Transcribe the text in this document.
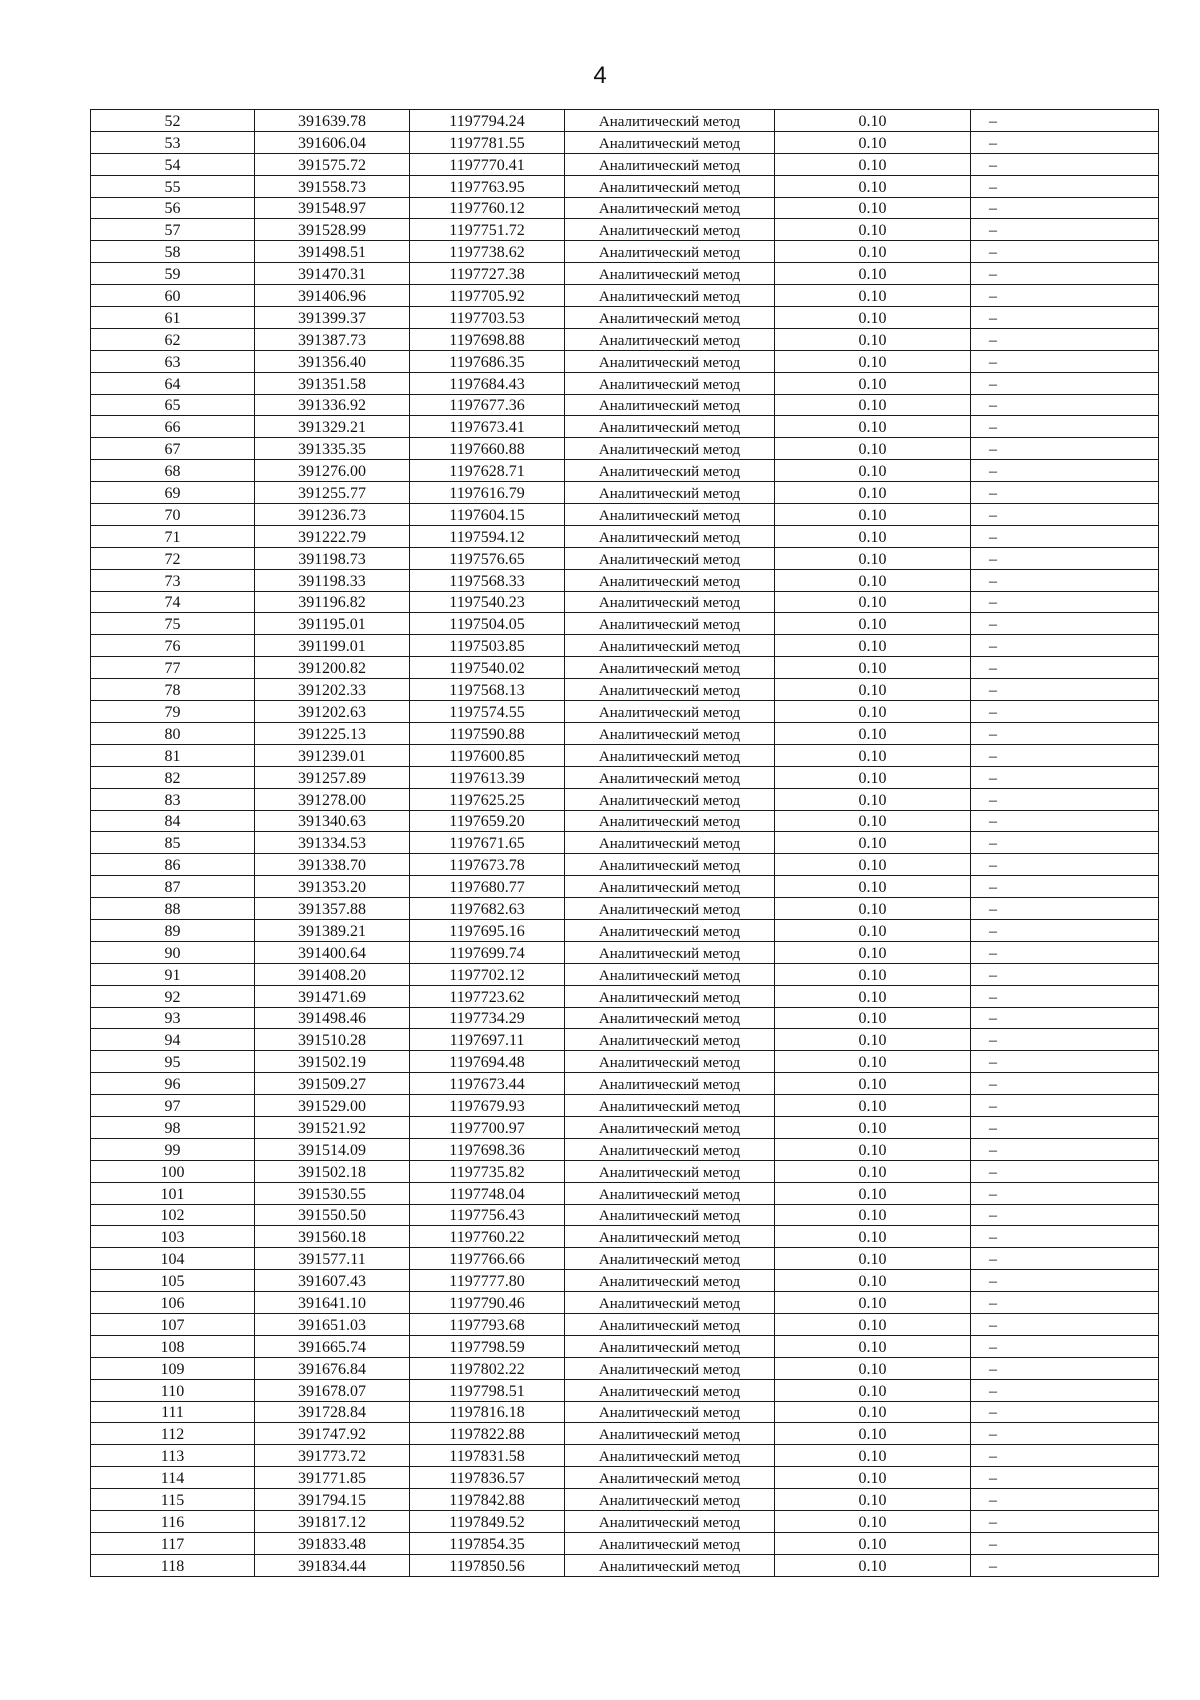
4
52	391639.78	1197794.24	Аналитический метод	0.10	–
53	391606.04	1197781.55	Аналитический метод	0.10	–
54	391575.72	1197770.41	Аналитический метод	0.10	–
55	391558.73	1197763.95	Аналитический метод	0.10	–
56	391548.97	1197760.12	Аналитический метод	0.10	–
57	391528.99	1197751.72	Аналитический метод	0.10	–
58	391498.51	1197738.62	Аналитический метод	0.10	–
59	391470.31	1197727.38	Аналитический метод	0.10	–
60	391406.96	1197705.92	Аналитический метод	0.10	–
61	391399.37	1197703.53	Аналитический метод	0.10	–
62	391387.73	1197698.88	Аналитический метод	0.10	–
63	391356.40	1197686.35	Аналитический метод	0.10	–
64	391351.58	1197684.43	Аналитический метод	0.10	–
65	391336.92	1197677.36	Аналитический метод	0.10	–
66	391329.21	1197673.41	Аналитический метод	0.10	–
67	391335.35	1197660.88	Аналитический метод	0.10	–
68	391276.00	1197628.71	Аналитический метод	0.10	–
69	391255.77	1197616.79	Аналитический метод	0.10	–
70	391236.73	1197604.15	Аналитический метод	0.10	–
71	391222.79	1197594.12	Аналитический метод	0.10	–
72	391198.73	1197576.65	Аналитический метод	0.10	–
73	391198.33	1197568.33	Аналитический метод	0.10	–
74	391196.82	1197540.23	Аналитический метод	0.10	–
75	391195.01	1197504.05	Аналитический метод	0.10	–
76	391199.01	1197503.85	Аналитический метод	0.10	–
77	391200.82	1197540.02	Аналитический метод	0.10	–
78	391202.33	1197568.13	Аналитический метод	0.10	–
79	391202.63	1197574.55	Аналитический метод	0.10	–
80	391225.13	1197590.88	Аналитический метод	0.10	–
81	391239.01	1197600.85	Аналитический метод	0.10	–
82	391257.89	1197613.39	Аналитический метод	0.10	–
83	391278.00	1197625.25	Аналитический метод	0.10	–
84	391340.63	1197659.20	Аналитический метод	0.10	–
85	391334.53	1197671.65	Аналитический метод	0.10	–
86	391338.70	1197673.78	Аналитический метод	0.10	–
87	391353.20	1197680.77	Аналитический метод	0.10	–
88	391357.88	1197682.63	Аналитический метод	0.10	–
89	391389.21	1197695.16	Аналитический метод	0.10	–
90	391400.64	1197699.74	Аналитический метод	0.10	–
91	391408.20	1197702.12	Аналитический метод	0.10	–
92	391471.69	1197723.62	Аналитический метод	0.10	–
93	391498.46	1197734.29	Аналитический метод	0.10	–
94	391510.28	1197697.11	Аналитический метод	0.10	–
95	391502.19	1197694.48	Аналитический метод	0.10	–
96	391509.27	1197673.44	Аналитический метод	0.10	–
97	391529.00	1197679.93	Аналитический метод	0.10	–
98	391521.92	1197700.97	Аналитический метод	0.10	–
99	391514.09	1197698.36	Аналитический метод	0.10	–
100	391502.18	1197735.82	Аналитический метод	0.10	–
101	391530.55	1197748.04	Аналитический метод	0.10	–
102	391550.50	1197756.43	Аналитический метод	0.10	–
103	391560.18	1197760.22	Аналитический метод	0.10	–
104	391577.11	1197766.66	Аналитический метод	0.10	–
105	391607.43	1197777.80	Аналитический метод	0.10	–
106	391641.10	1197790.46	Аналитический метод	0.10	–
107	391651.03	1197793.68	Аналитический метод	0.10	–
108	391665.74	1197798.59	Аналитический метод	0.10	–
109	391676.84	1197802.22	Аналитический метод	0.10	–
110	391678.07	1197798.51	Аналитический метод	0.10	–
111	391728.84	1197816.18	Аналитический метод	0.10	–
112	391747.92	1197822.88	Аналитический метод	0.10	–
113	391773.72	1197831.58	Аналитический метод	0.10	–
114	391771.85	1197836.57	Аналитический метод	0.10	–
115	391794.15	1197842.88	Аналитический метод	0.10	–
116	391817.12	1197849.52	Аналитический метод	0.10	–
117	391833.48	1197854.35	Аналитический метод	0.10	–
118	391834.44	1197850.56	Аналитический метод	0.10	–
